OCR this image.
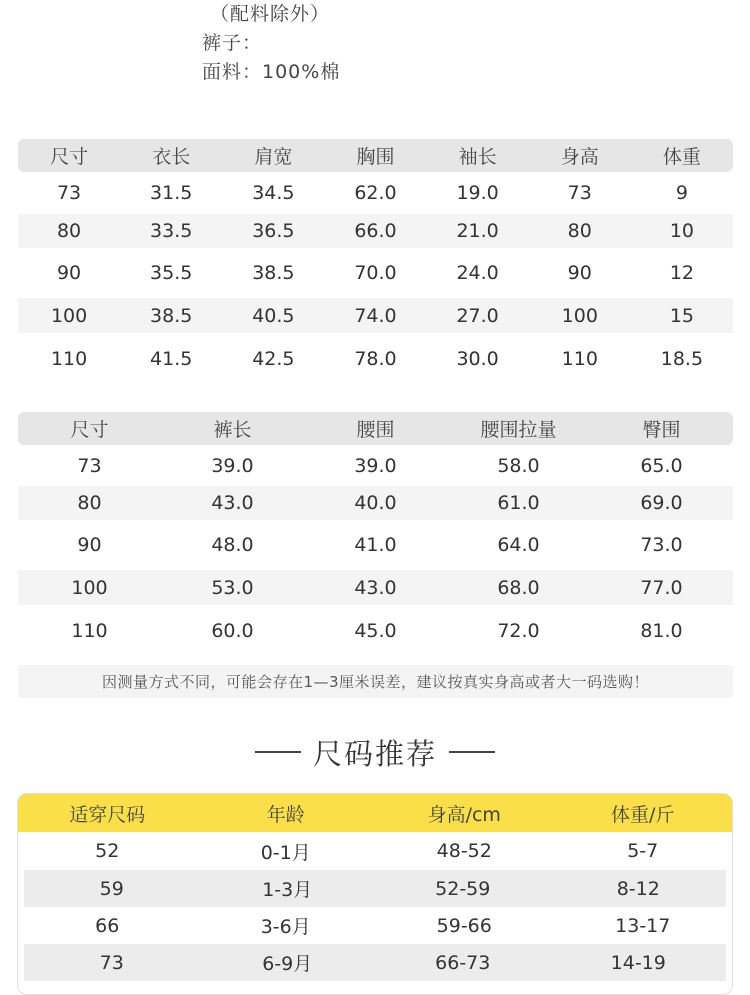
（配料除外）
裤子：
面料：100%棉
尺寸	衣长	肩宽	胸围	袖长	身高	体重
73	31.5	34.5	62.0	19.0	73	9
80	33.5	36.5	66.0	21.0	80	10
90	35.5	38.5	70.0	24.0	90	12
100	38.5	40.5	74.0	27.0	100	15
110	41.5	42.5	78.0	30.0	110	18.5
尺寸	裤长	腰围	腰围拉量	臀围
73	39.0	39.0	58.0	65.0
80	43.0	40.0	61.0	69.0
90	48.0	41.0	64.0	73.0
100	53.0	43.0	68.0	77.0
110	60.0	45.0	72.0	81.0
因测量方式不同，可能会存在1—3厘米误差，建议按真实身高或者大一码选购！
尺码推荐
适穿尺码	年龄	身高/cm	体重/斤
52	0-1月	48-52	5-7
59	1-3月	52-59	8-12
66	3-6月	59-66	13-17
73	6-9月	66-73	14-19
